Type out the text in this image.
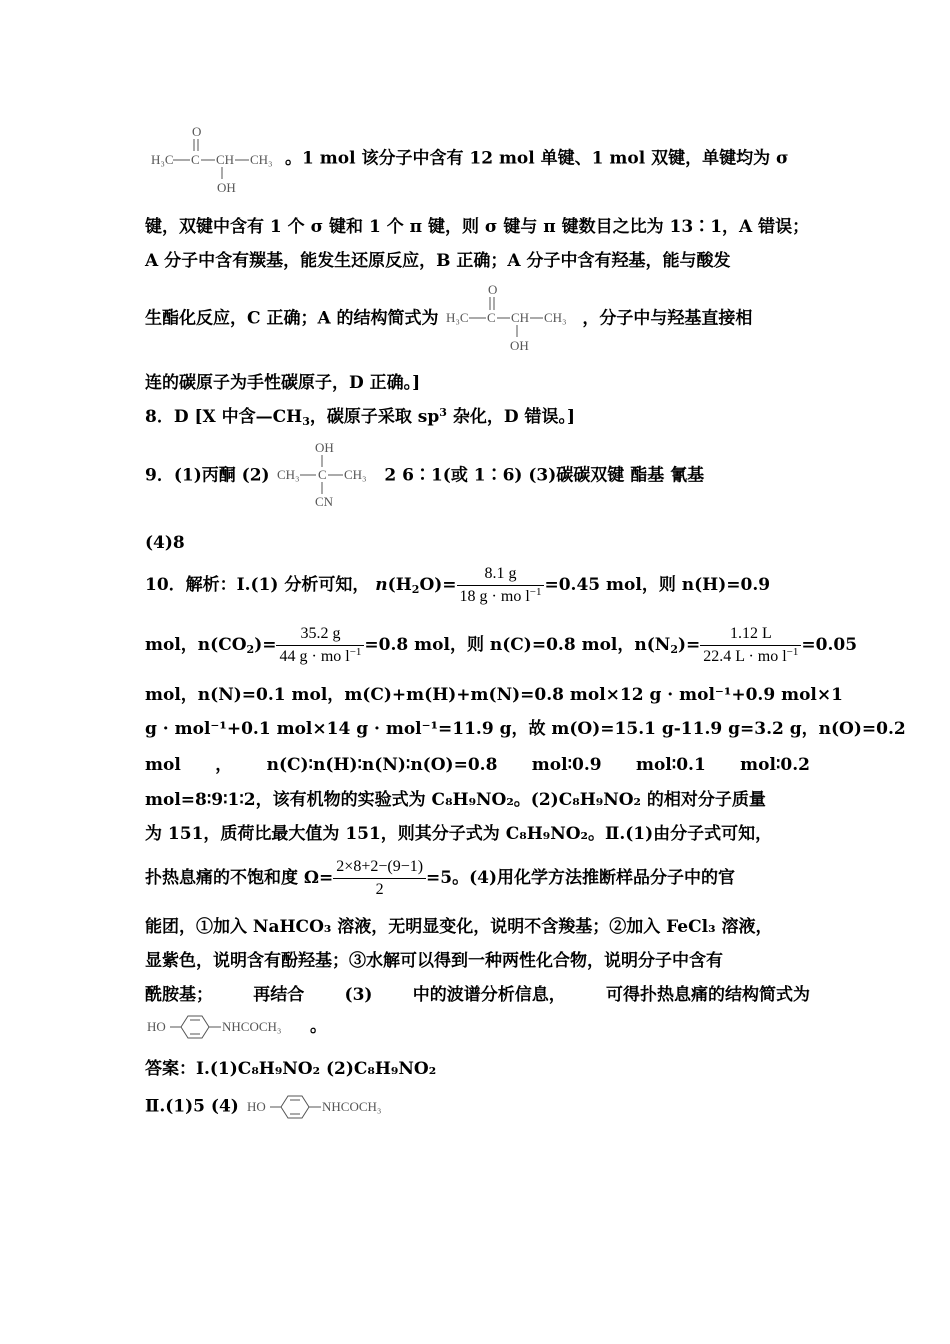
O
H₃C C CH CH₃
OH
。1 mol 该分子中含有 12 mol 单键、1 mol 双键，单键均为 σ
键，双键中含有 1 个 σ 键和 1 个 π 键，则 σ 键与 π 键数目之比为 13∶1，A 错误；
A 分子中含有羰基，能发生还原反应，B 正确；A 分子中含有羟基，能与酸发
生酯化反应，C 正确；A 的结构简式为
O
H₃C C CH CH₃
OH
，分子中与羟基直接相
连的碳原子为手性碳原子，D 正确。]
8．D [X 中含$—CH_3$，碳原子采取 $sp^3$ 杂化，D 错误。]
9．(1)丙酮 (2)
OH
CH₃ C CH₃
CN
2 6∶1(或 1∶6) (3)碳碳双键 酯基 氰基
(4)8
10．解析：Ⅰ.(1) 分析可知， $n(H_2O)= \frac{8.1 g}{18 g \cdot mo l^{-1}} =0.45$ mol，则 n(H)=0.9
mol，$n(CO_2)= \frac{35.2 g}{44 g \cdot mo l^{-1}} =0.8$ mol，则 n(C)=0.8 mol，$n(N_2)= \frac{1.12 L}{22.4 L \cdot mo l^{-1}} =0.05$
mol， n(N)=0.1 mol， m(C)+m(H)+m(N)=0.8 mol×12 g · mol⁻¹+0.9 mol×1
g · mol⁻¹+0.1 mol×14 g · mol⁻¹=11.9 g，故 m(O)=15.1 g-11.9 g=3.2 g，n(O)=0.2
mol ， n(C)∶n(H)∶n(N)∶n(O)=0.8 mol∶0.9 mol∶0.1 mol∶0.2
mol=8∶9∶1∶2，该有机物的实验式为 C₈H₉NO₂。(2)C₈H₉NO₂ 的相对分子质量
为 151，质荷比最大值为 151，则其分子式为 C₈H₉NO₂。Ⅱ.(1)由分子式可知，
扑热息痛的不饱和度 $\Omega= \frac{2\times 8+2-(9-1)}{2} =5$。(4)用化学方法推断样品分子中的官
能团，①加入 NaHCO₃ 溶液，无明显变化，说明不含羧基；②加入 FeCl₃ 溶液，
显紫色，说明含有酚羟基；③水解可以得到一种两性化合物，说明分子中含有
酰胺基； 再结合 (3) 中的波谱分析信息， 可得扑热息痛的结构简式为
HO	NHCOCH₃ 。
答案：Ⅰ.(1)C₈H₉NO₂ (2)C₈H₉NO₂
Ⅱ.(1)5 (4) HO	NHCOCH₃
